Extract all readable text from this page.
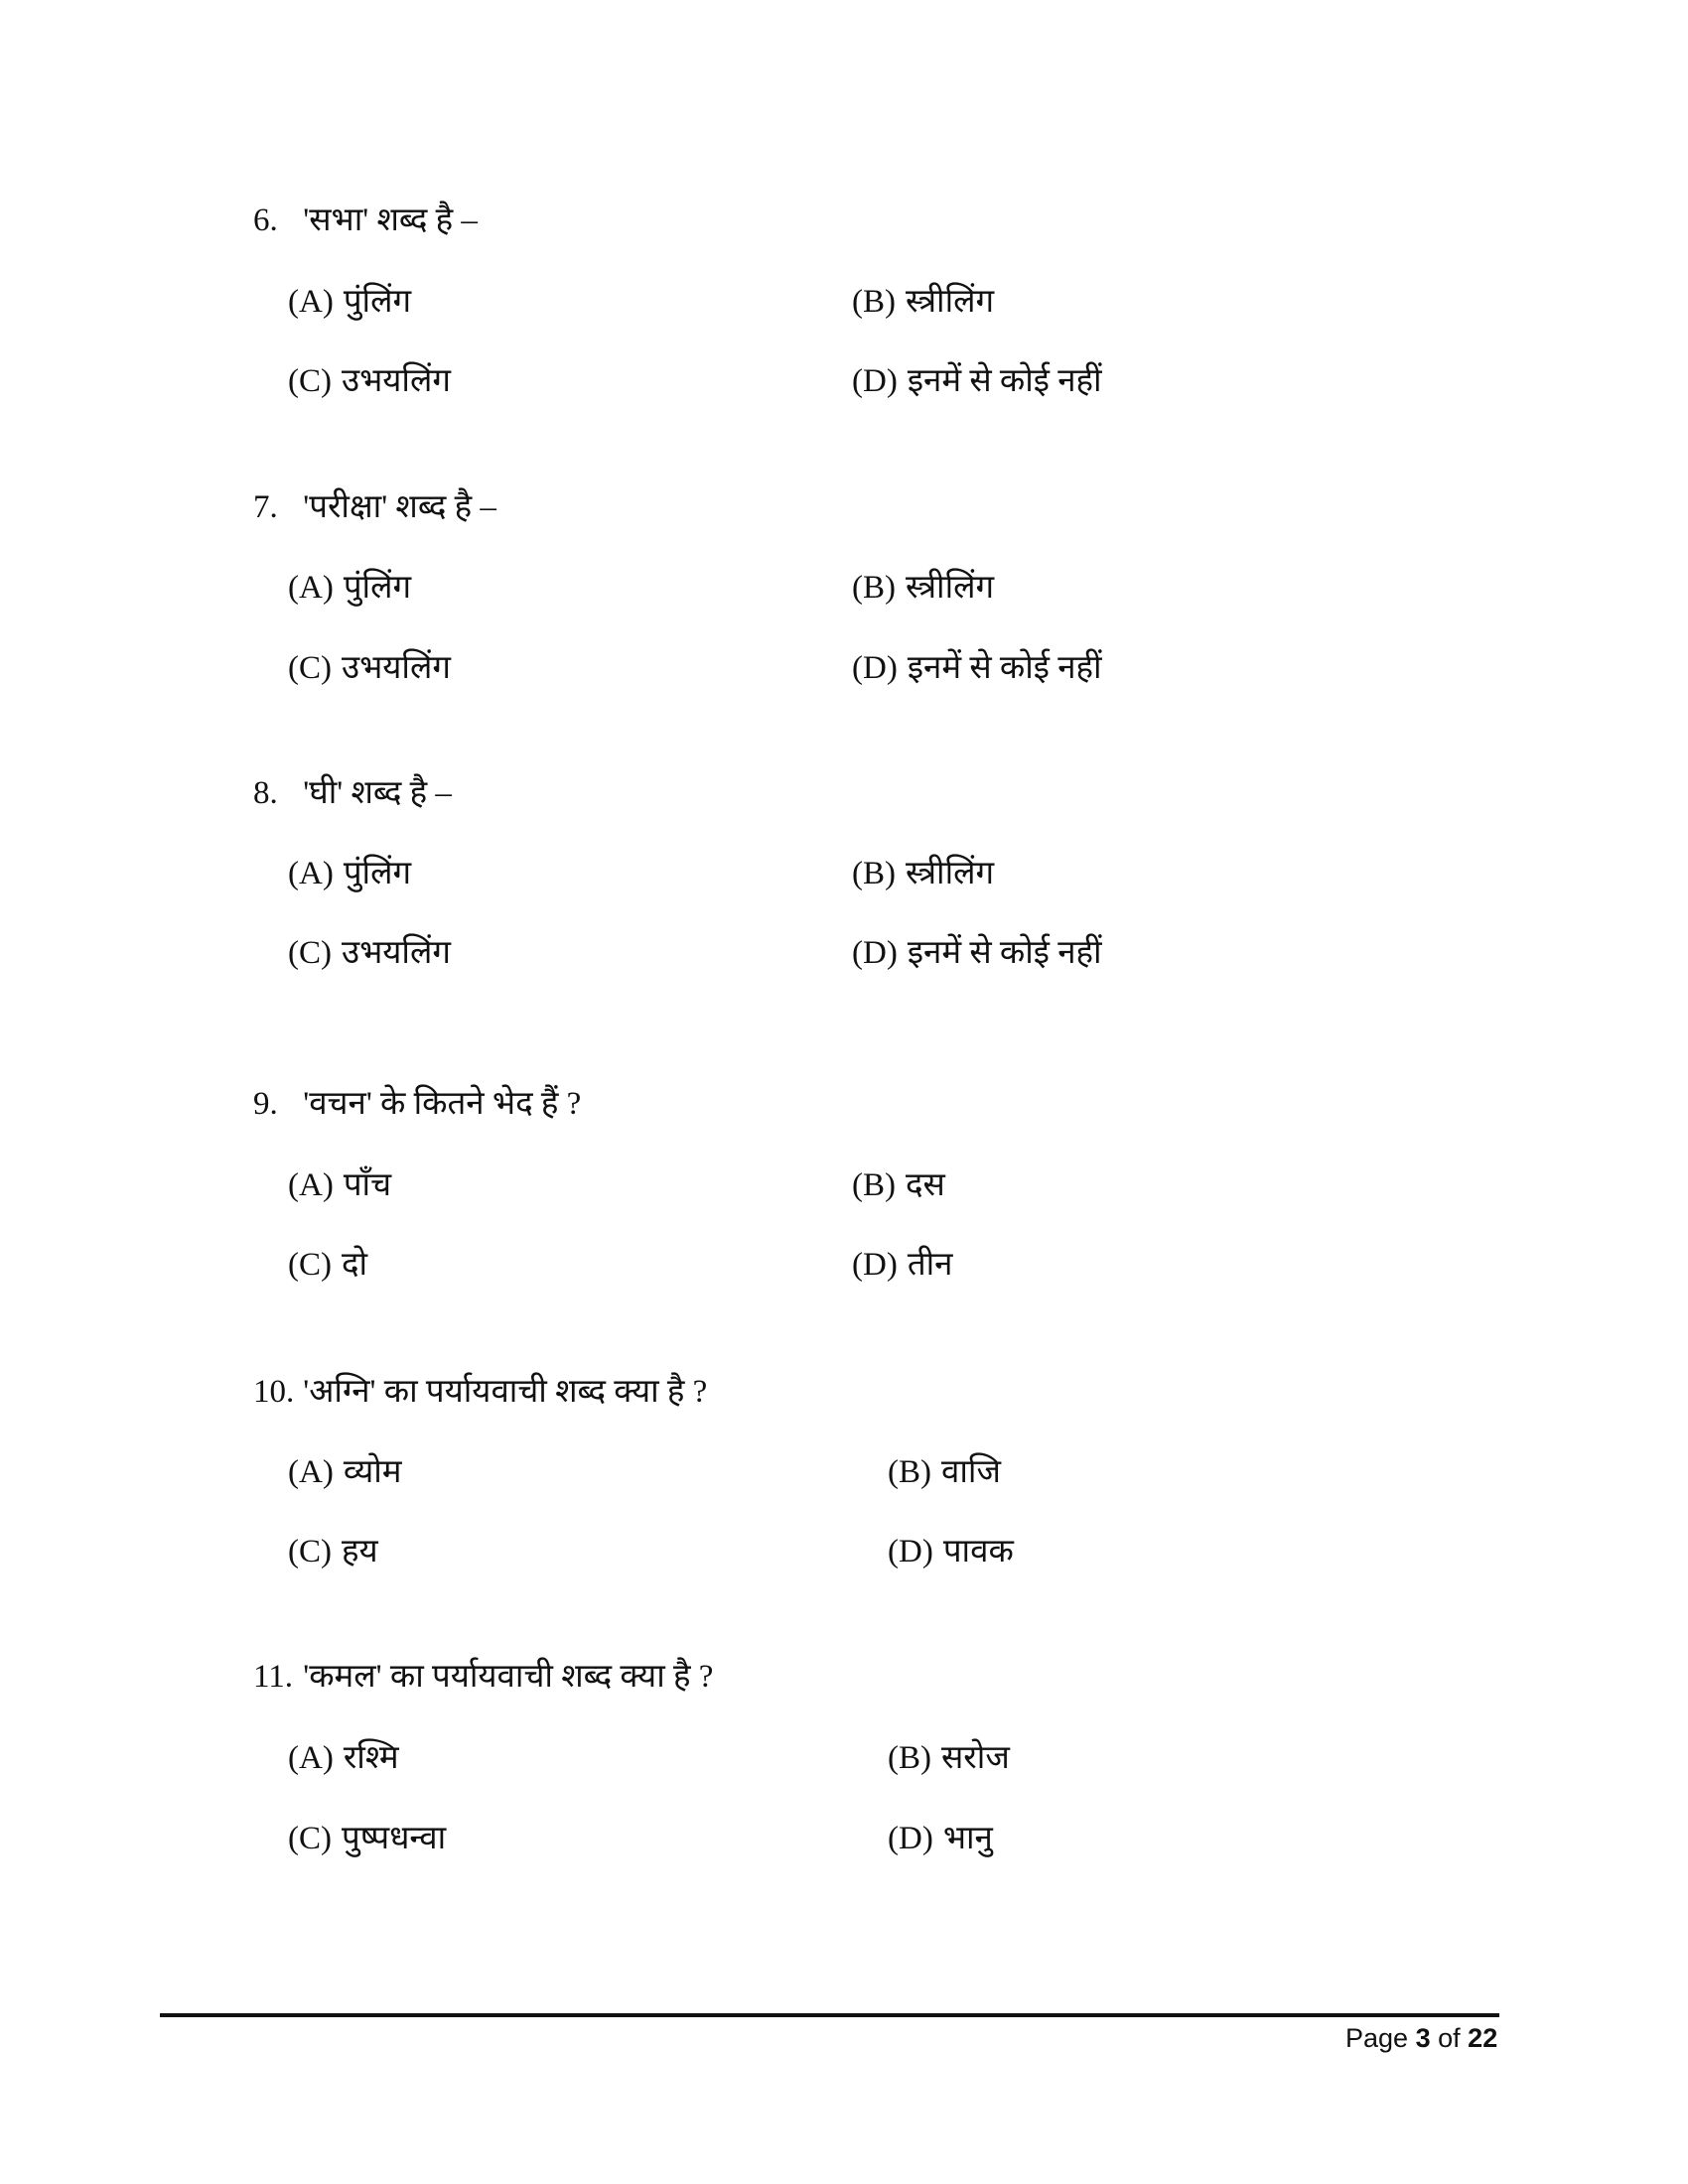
6. 'सभा' शब्द है –
(A) पुंलिंग	(B) स्त्रीलिंग
(C) उभयलिंग	(D) इनमें से कोई नहीं
7. 'परीक्षा' शब्द है –
(A) पुंलिंग	(B) स्त्रीलिंग
(C) उभयलिंग	(D) इनमें से कोई नहीं
8. 'घी' शब्द है –
(A) पुंलिंग	(B) स्त्रीलिंग
(C) उभयलिंग	(D) इनमें से कोई नहीं
9. 'वचन' के कितने भेद हैं ?
(A) पाँच	(B) दस
(C) दो	(D) तीन
10. 'अग्नि' का पर्यायवाची शब्द क्या है ?
(A) व्योम	(B) वाजि
(C) हय	(D) पावक
11. 'कमल' का पर्यायवाची शब्द क्या है ?
(A) रश्मि	(B) सरोज
(C) पुष्पधन्वा	(D) भानु
Page 3 of 22
